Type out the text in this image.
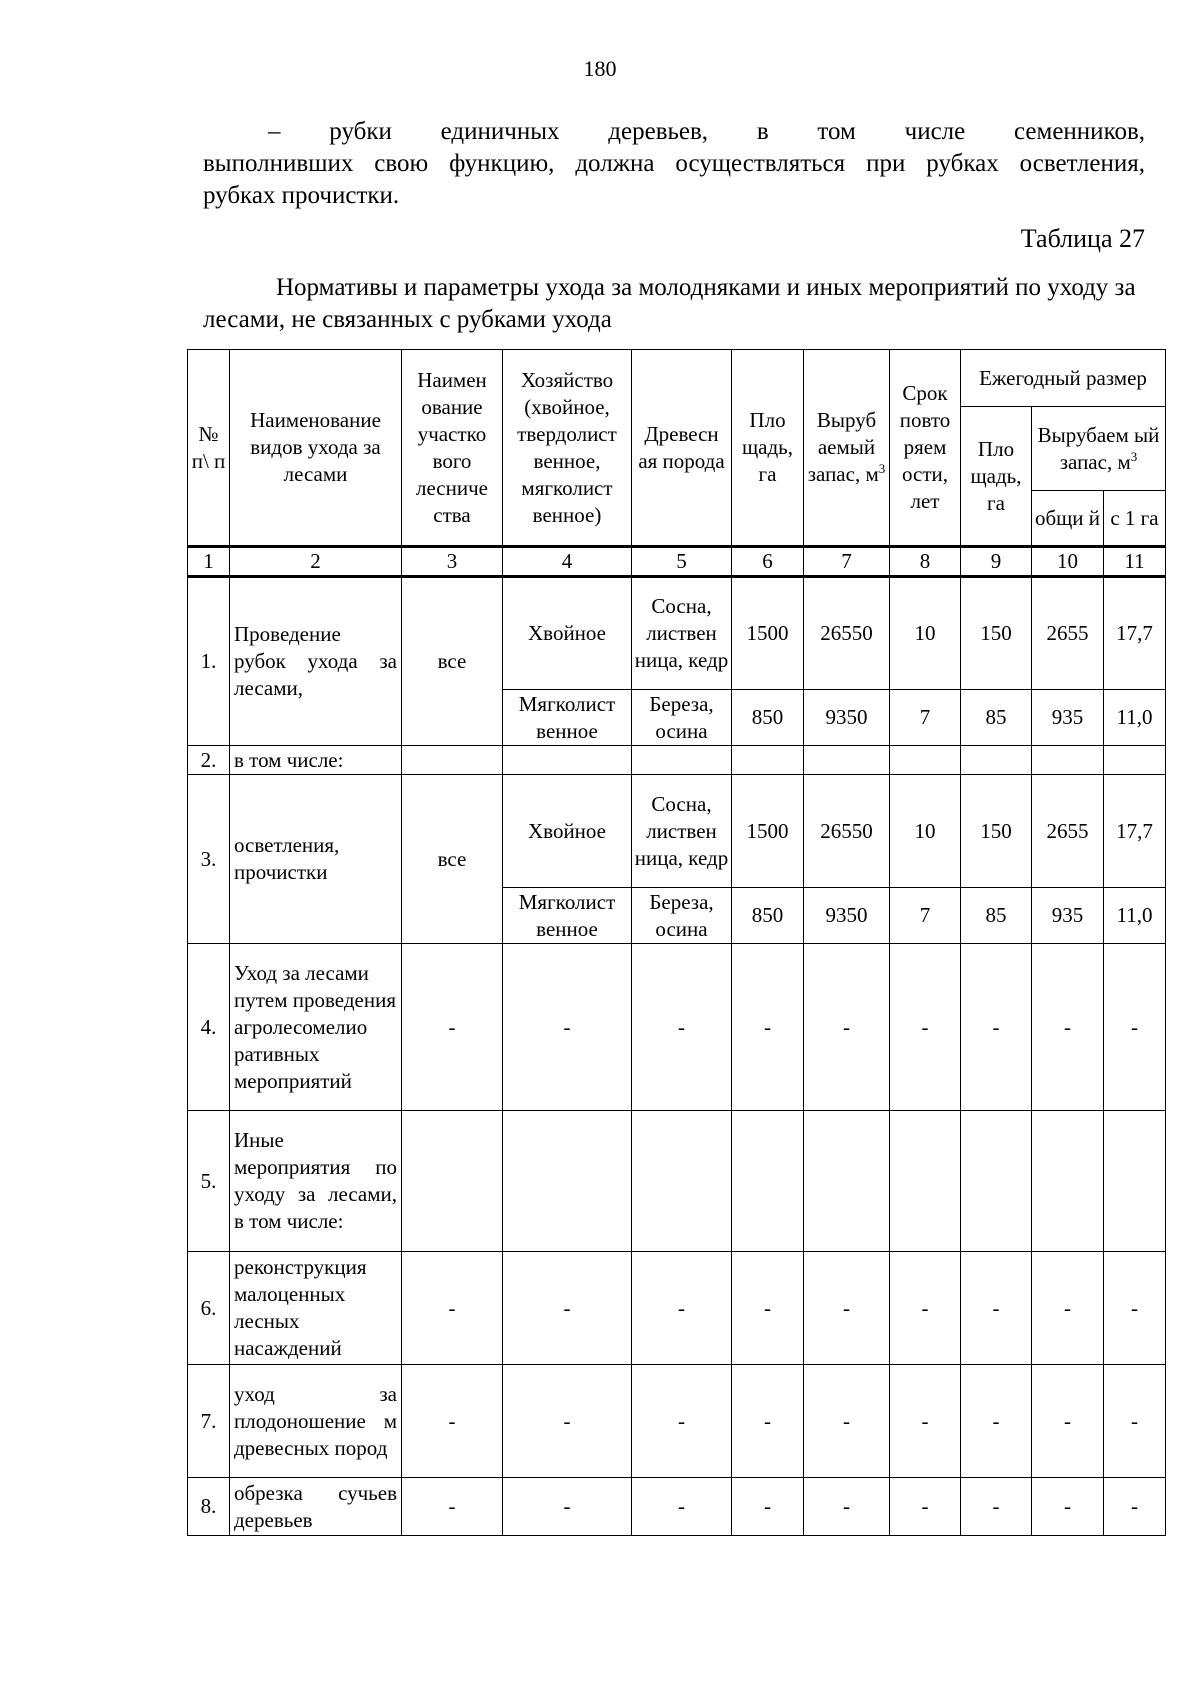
180
– рубки единичных деревьев, в том числе семенников,
выполнивших свою функцию, должна осуществляться при рубках осветления,
рубках прочистки.
Таблица 27
Нормативы и параметры ухода за молодняками и иных мероприятий по уходу за лесами, не связанных с рубками ухода
№ п\ п	Наименование видов ухода за лесами	Наимен ование участко вого лесниче ства	Хозяйство (хвойное, твердолист венное, мягколист венное)	Древесн ая порода	Пло щадь, га	Выруб аемый запас, $м^3$	Срок повто ряем ости, лет	Ежегодный размер		
								Пло щадь, га	Вырубаем ый запас, $м^3$
									общи й	с 1 га
1	2	3	4	5	6	7	8	9	10	11
1.	Проведение рубок ухода за лесами,	все	Хвойное	Сосна, листвен ница, кедр	1500	26550	10	150	2655	17,7
			Мягколист венное	Береза, осина	850	9350	7	85	935	11,0
2.	в том числе:									
3.	осветления, прочистки	все	Хвойное	Сосна, листвен ница, кедр	1500	26550	10	150	2655	17,7
			Мягколист венное	Береза, осина	850	9350	7	85	935	11,0
4.	Уход за лесами путем проведения агролесомелио ративных мероприятий	-	-	-	-	-	-	-	-	-
5.	Иные мероприятия по уходу за лесами, в том числе:									
6.	реконструкция малоценных лесных насаждений	-	-	-	-	-	-	-	-	-
7.	уход за плодоношение м древесных пород	-	-	-	-	-	-	-	-	-
8.	обрезка сучьев деревьев	-	-	-	-	-	-	-	-	-
